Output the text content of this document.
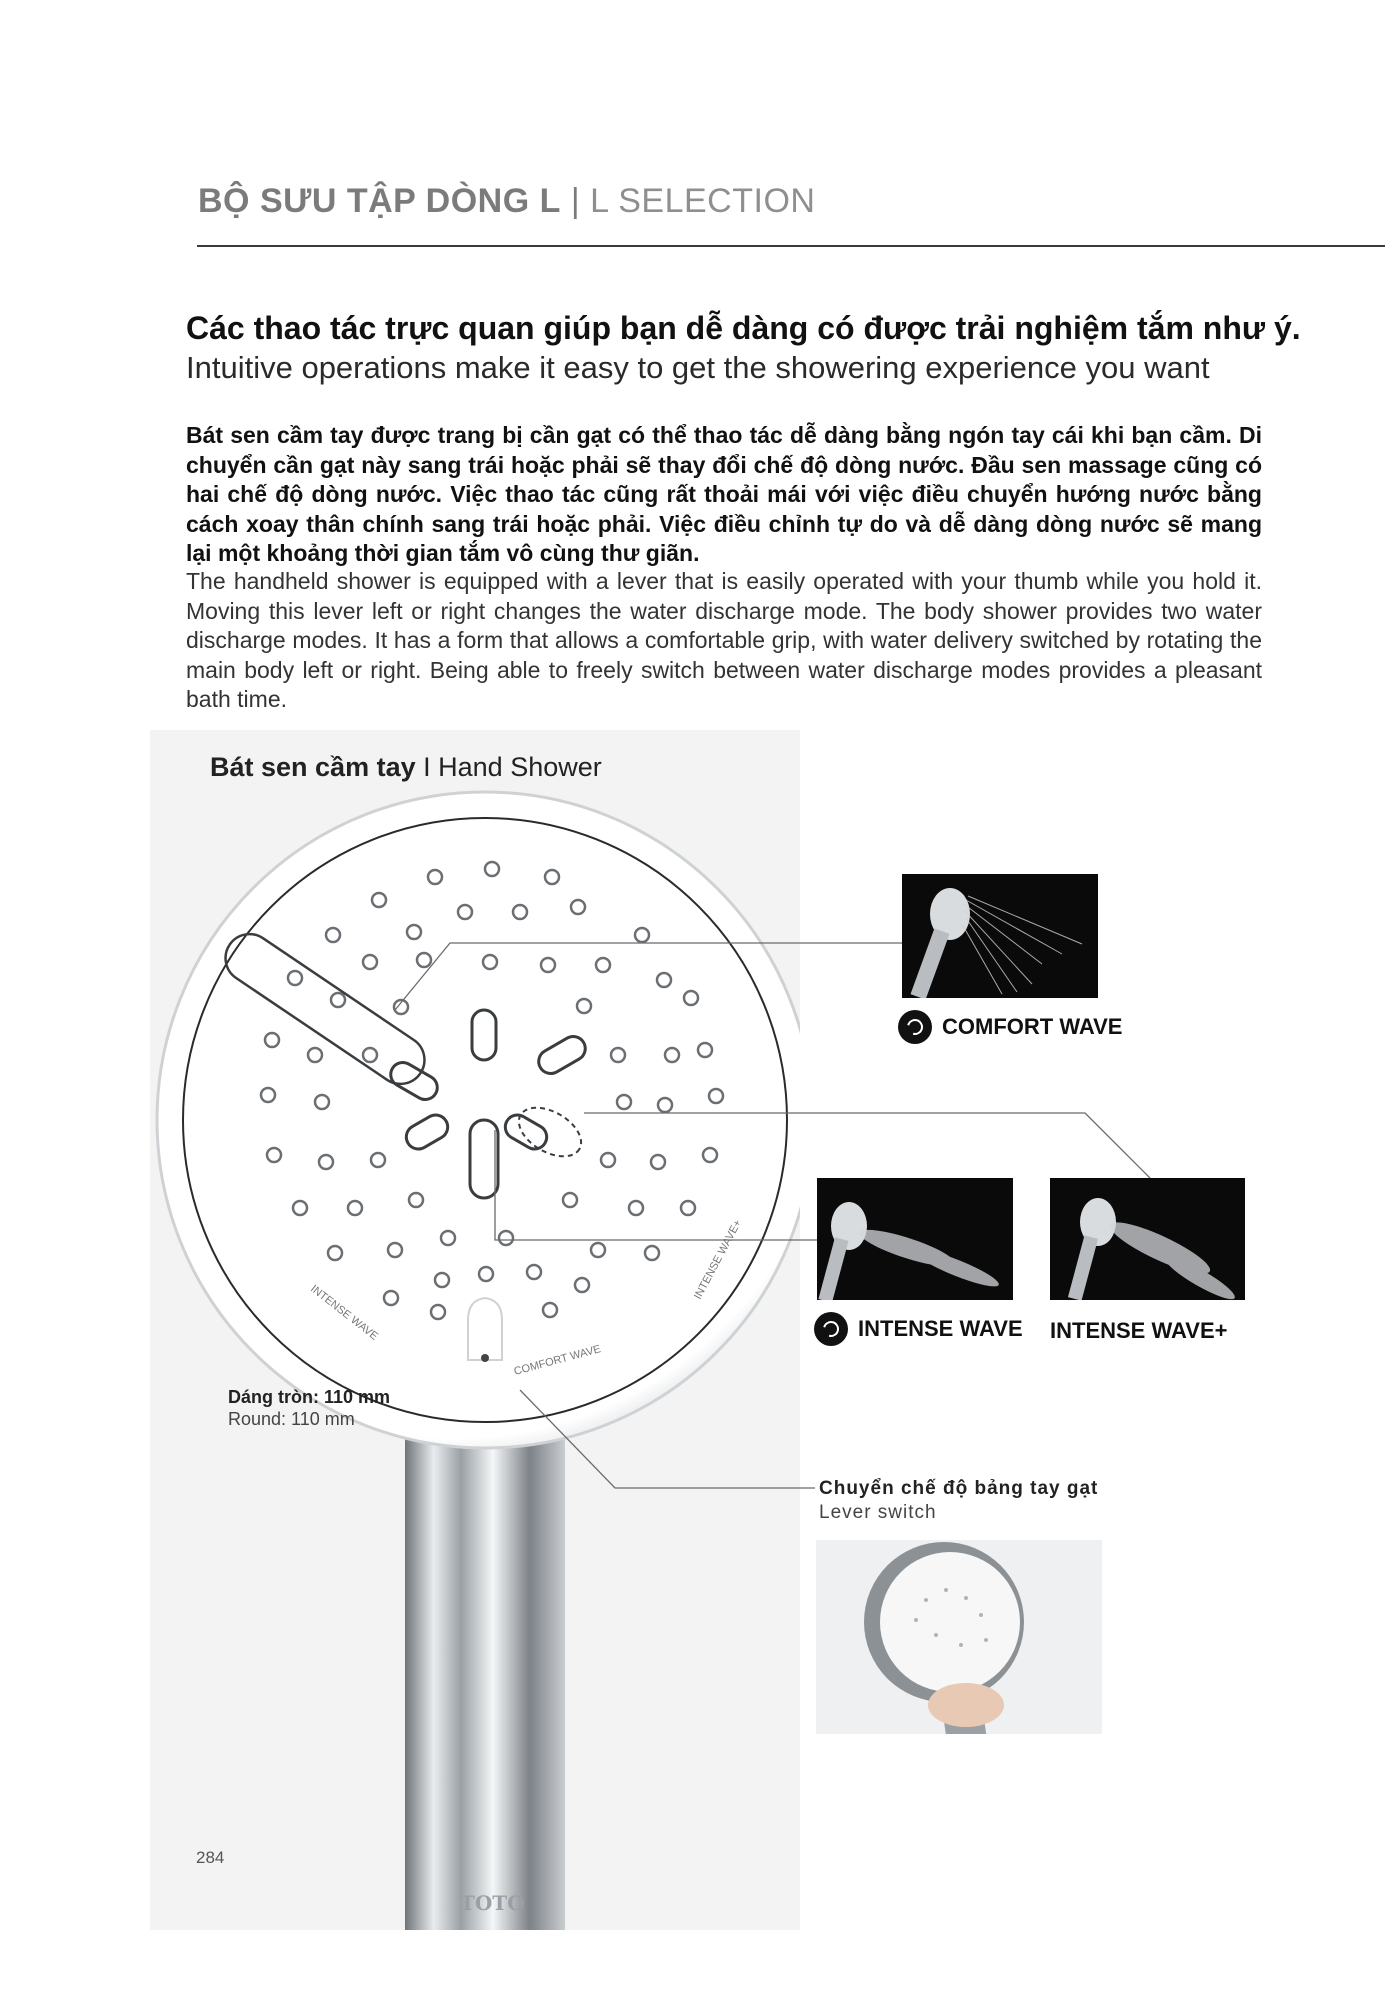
BỘ SƯU TẬP DÒNG L | L SELECTION
Các thao tác trực quan giúp bạn dễ dàng có được trải nghiệm tắm như ý.
Intuitive operations make it easy to get the showering experience you want
Bát sen cầm tay được trang bị cần gạt có thể thao tác dễ dàng bằng ngón tay cái khi bạn cầm. Di chuyển cần gạt này sang trái hoặc phải sẽ thay đổi chế độ dòng nước. Đầu sen massage cũng có hai chế độ dòng nước. Việc thao tác cũng rất thoải mái với việc điều chuyển hướng nước bằng cách xoay thân chính sang trái hoặc phải. Việc điều chỉnh tự do và dễ dàng dòng nước sẽ mang lại một khoảng thời gian tắm vô cùng thư giãn.
The handheld shower is equipped with a lever that is easily operated with your thumb while you hold it. Moving this lever left or right changes the water discharge mode. The body shower provides two water discharge modes. It has a form that allows a comfortable grip, with water delivery switched by rotating the main body left or right. Being able to freely switch between water discharge modes provides a pleasant bath time.
Bát sen cầm tay I Hand Shower
TOTO
INTENSE WAVE
INTENSE WAVE+
COMFORT WAVE
COMFORT WAVE
INTENSE WAVE INTENSE WAVE+
Dáng tròn: 110 mm
Round: 110 mm
Chuyển chế độ bảng tay gạt
Lever switch
284
